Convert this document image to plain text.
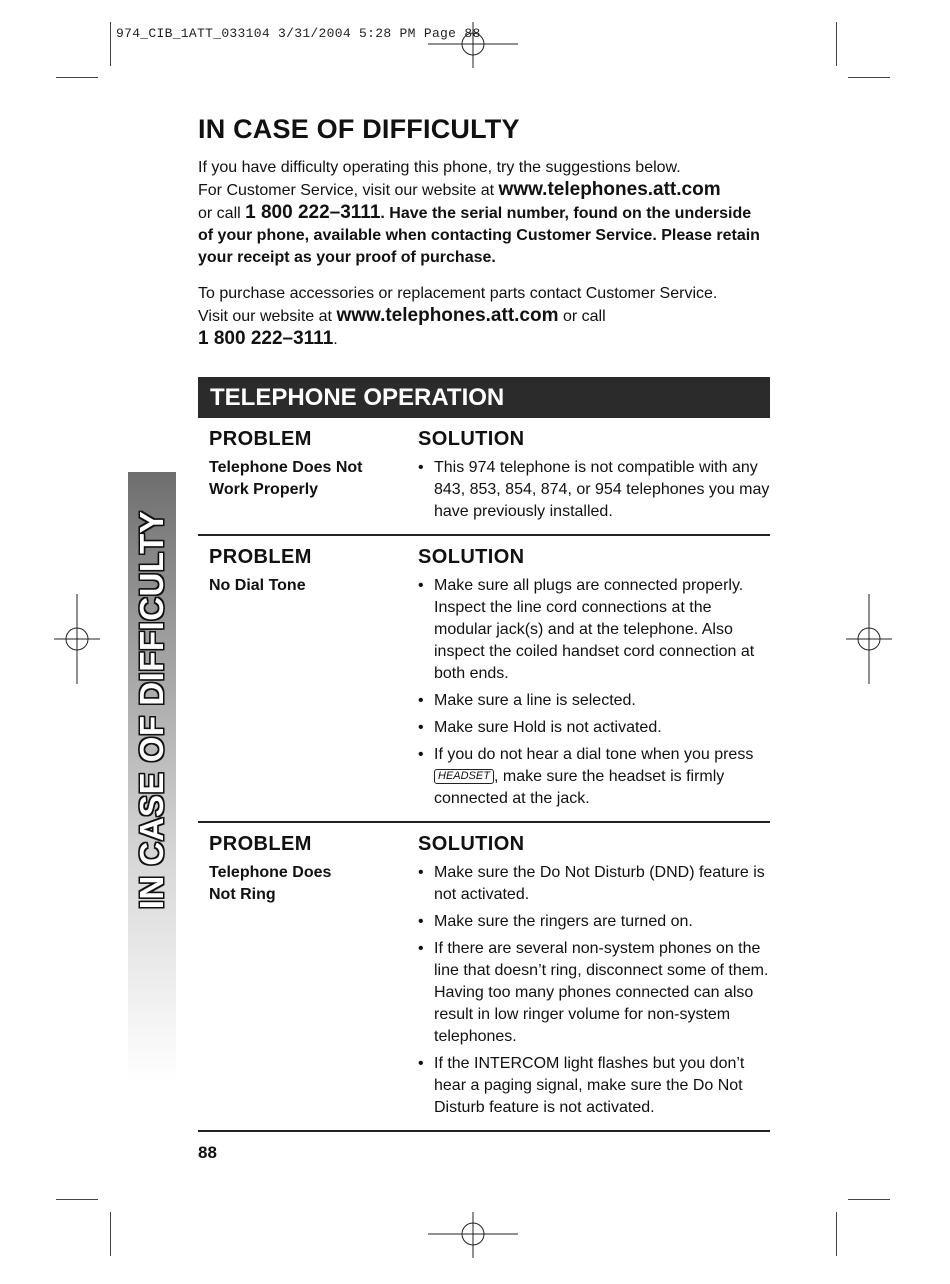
974_CIB_1ATT_033104 3/31/2004 5:28 PM Page 88
IN CASE OF DIFFICULTY
IN CASE OF DIFFICULTY

If you have difficulty operating this phone, try the suggestions below.
For Customer Service, visit our website at www.telephones.att.com
or call 1 800 222–3111. Have the serial number, found on the underside of your phone, available when contacting Customer Service. Please retain your receipt as your proof of purchase.

To purchase accessories or replacement parts contact Customer Service.
Visit our website at www.telephones.att.com or call
1 800 222–3111.

TELEPHONE OPERATION
PROBLEM
Telephone Does Not Work Properly
SOLUTION
• This 974 telephone is not compatible with any 843, 853, 854, 874, or 954 telephones you may have previously installed.
PROBLEM
No Dial Tone
SOLUTION
• Make sure all plugs are connected properly. Inspect the line cord connections at the modular jack(s) and at the telephone. Also inspect the coiled handset cord connection at both ends.
• Make sure a line is selected.
• Make sure Hold is not activated.
• If you do not hear a dial tone when you press HEADSET , make sure the headset is firmly connected at the jack.
PROBLEM
Telephone Does Not Ring
SOLUTION
• Make sure the Do Not Disturb (DND) feature is not activated.
• Make sure the ringers are turned on.
• If there are several non-system phones on the line that doesn’t ring, disconnect some of them. Having too many phones connected can also result in low ringer volume for non-system telephones.
• If the INTERCOM light flashes but you don’t hear a paging signal, make sure the Do Not Disturb feature is not activated.
88
